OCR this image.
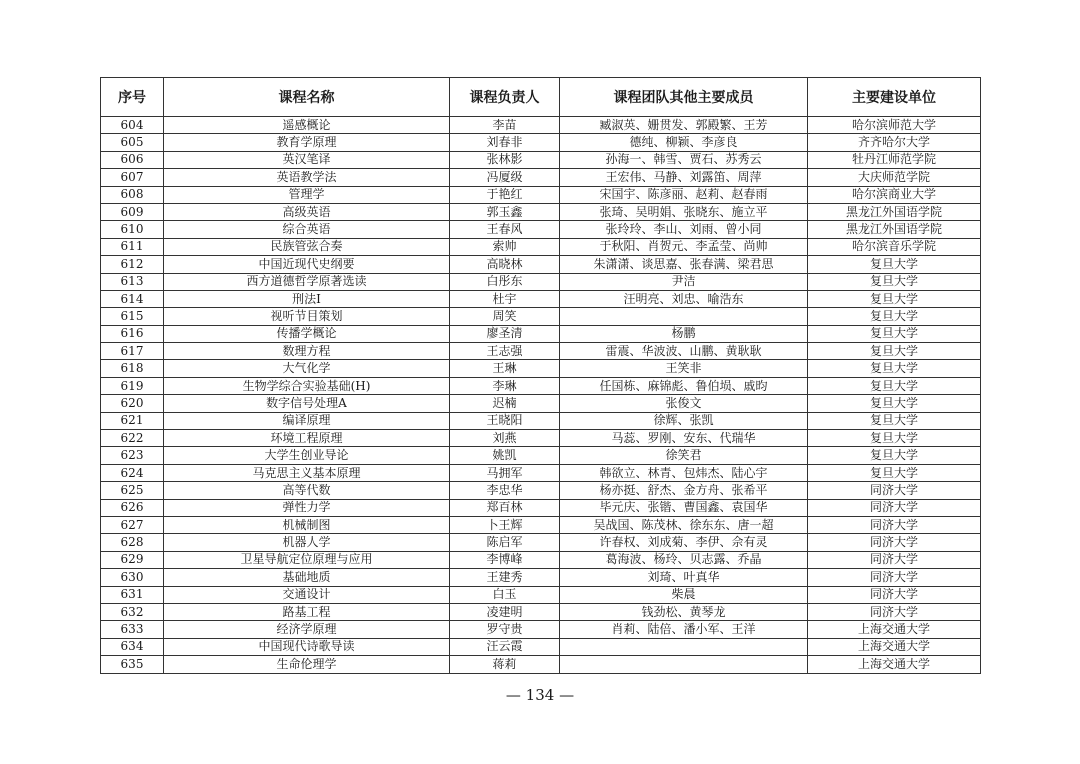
序号	课程名称	课程负责人	课程团队其他主要成员	主要建设单位
604	遥感概论	李苗	臧淑英、姗贯发、郭殿繁、王芳	哈尔滨师范大学
605	教育学原理	刘春非	德纯、柳颖、李彦良	齐齐哈尔大学
606	英汉笔译	张林影	孙海一、韩雪、贾石、苏秀云	牡丹江师范学院
607	英语教学法	冯厦级	王宏伟、马静、刘露笛、周萍	大庆师范学院
608	管理学	于艳红	宋国宇、陈彦丽、赵莉、赵春雨	哈尔滨商业大学
609	高级英语	郭玉鑫	张琦、吴明娟、张晓东、施立平	黑龙江外国语学院
610	综合英语	王春风	张玲玲、李山、刘雨、曾小同	黑龙江外国语学院
611	民族管弦合奏	索帅	于秋阳、肖贺元、李孟莹、尚帅	哈尔滨音乐学院
612	中国近现代史纲要	高晓林	朱潇潇、谈思嘉、张春满、梁君思	复旦大学
613	西方道德哲学原著选读	白彤东	尹洁	复旦大学
614	刑法Ⅰ	杜宇	汪明亮、刘忠、喻浩东	复旦大学
615	视听节目策划	周笑		复旦大学
616	传播学概论	廖圣清	杨鹏	复旦大学
617	数理方程	王志强	雷震、华波波、山鹏、黄耿耿	复旦大学
618	大气化学	王琳	王笑非	复旦大学
619	生物学综合实验基础(H)	李琳	任国栋、麻锦彪、鲁伯埙、戚昀	复旦大学
620	数字信号处理A	迟楠	张俊文	复旦大学
621	编译原理	王晓阳	徐辉、张凯	复旦大学
622	环境工程原理	刘燕	马蕊、罗刚、安东、代瑞华	复旦大学
623	大学生创业导论	姚凯	徐笑君	复旦大学
624	马克思主义基本原理	马拥军	韩欲立、林青、包炜杰、陆心宇	复旦大学
625	高等代数	李忠华	杨亦挺、舒杰、金方舟、张希平	同济大学
626	弹性力学	郑百林	毕元庆、张锴、曹国鑫、袁国华	同济大学
627	机械制图	卜王辉	吴战国、陈茂林、徐东东、唐一超	同济大学
628	机器人学	陈启军	许春权、刘成菊、李伊、佘有灵	同济大学
629	卫星导航定位原理与应用	李博峰	葛海波、杨玲、贝志露、乔晶	同济大学
630	基础地质	王建秀	刘琦、叶真华	同济大学
631	交通设计	白玉	柴晨	同济大学
632	路基工程	凌建明	钱劲松、黄琴龙	同济大学
633	经济学原理	罗守贵	肖莉、陆倍、潘小军、王洋	上海交通大学
634	中国现代诗歌导读	汪云霞		上海交通大学
635	生命伦理学	蒋莉		上海交通大学
— 134 —
